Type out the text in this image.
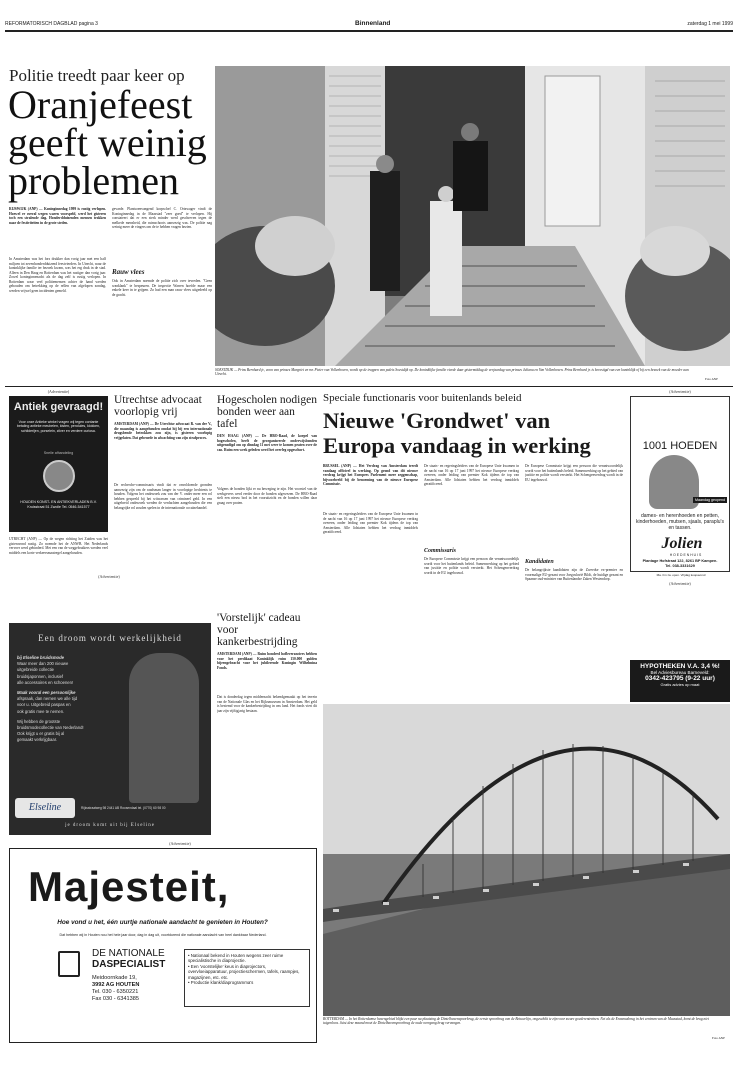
REFORMATORISCH DAGBLAD pagina 3	Binnenland	zaterdag 1 mei 1999
Politie treedt paar keer op
Oranjefeest geeft weinig problemen
RIJSWIJK (ANP) — Koninginnedag 1999 is rustig verlopen. Hoewel er overal wegen waren voorspeld, werd het gisteren toch een stralende dag. Honderdduizenden mensen trokken naar de festiviteiten in de grote steden.
In Amsterdam was het fors drukker dan vorig jaar met een half miljoen tot zevenhonderdduizend feestvierders. In Utrecht, waar de koninklijke familie ter bezoek kwam, was het erg druk in de stad. Alleen in Den Haag en Rotterdam was het rustiger dan vorig jaar. Zowel koninginnenacht als de dag zelf is rustig verlopen. In Rotterdam waar veel politiemensen achter de hand werden gehouden om betrekking op de rellen van afgelopen zondag, werden vrijwel geen incidenten gemeld.
gevarde. Plantsoenvangend korpschef C. Ortzwager vindt de Koninginnedag in de Maasstad "zeer goed" te verlopen. Hij constateert dat er een sterk minder werd geschreven tegen de melkede mensheid, die ruimschoots aanwezig was. De politie nag weinig meer de vingers om de te hebben vragen bezien.
Rauw vlees
Ook in Amsterdam noemde de politie zich over tevreden. "Geen wanklank" te bespeuren. De inspectie Warren hoefde maar een enkele keer in te grijpen. Zo had een man rauw vlees uitgedeeld op de gracht.
SOESTDIJK — Prins Bernhard jr., zoon van prinses Margriet en mr. Pieter van Vollenhoven, wordt op de trappen van paleis Soestdijk op. De koninklijke familie vierde daar gistermiddag de verjaardag van prinses Juliana en Van Vollenhoven. Prins Bernhard jr. is bevestigd van een koninklijk of bij een bezoek van de moeder aan Utrecht.
Foto ANP
(Advertentie)
Antiek gevraagd!
Voor onze Antieke winkel vragen wij tegen contante betaling antieke meubelen, kisten, pendules, klokken, schilderijen, porselein, zilver en verdere curiosa.
Snelle afhandeling
HOUDEN KONST- EN ANTIEKVERLADEN B.V. Kruisstraat 51 Zwolle Tel. 0546-541577
UTRECHT (ANP) — Op de wegen richting het Zuiden was het gisteravond rustig. Zo noemde het de ANWB. Het Nederlands vervoer werd gehinderd. Met een van de weggebruikers werden veel middels een korte verkeersmaatregel aangehouden.
(Advertentie)
Een droom wordt werkelijkheid
bij Elseline bruidsmode
Waar meer dan 200 nieuwe
uitgebreide collectie
bruidsjaponnen, inclusief
alle accessoires en schoenen!
Maak vooral een persoonlijke
afspraak, dan nemen we alle tijd
voor u. Uitgebreid paspas en
ook gratis mee te nemen.
Wij hebben de grootste
bruidsmodecollectie van Nederland!
Ook krijgt u er gratis bij al
gemaakt verkrijgbaar.
Elseline	Rijksstraatweg 98 2441 AB Roosendaal tel. (0770) 60 98 00
je droom komt uit bij Elseline
Utrechtse advocaat voorlopig vrij
AMSTERDAM (ANP) — De Utrechtse advocaat R. van der V., die maandag is aangehouden omdat hij bij een internationale drugsbende betrokken zou zijn, is gisteren voorlopig vrijgelaten. Dat gebeurde in afwachting van zijn strafproces.
De recherche-commissaris vindt dat er onvoldoende gronden aanwezig zijn om de raadsman langer in voorlopige hechtenis te houden. Volgens het onderzoek zou van der V. onder meer een rol hebben gespeeld bij het witwassen van crimineel geld. In een uitgebreid onderzoek werden de verdachten aangehouden die een belangrijke rol zouden spelen in de internationale cocaïnehandel.
Hogescholen nodigen bonden weer aan tafel
DEN HAAG (ANP) — De HBO-Raad, de koepel van hogescholen, heeft de georganiseerde onderwijsbonden uitgenodigd om op dinsdag 11 mei weer te komen praten over de cao. Ruim een week geleden werd het overleg opgeschort.
Volgens de bonden lijkt er nu beweging te zijn. Het voorstel van de werkgevers werd eerder door de bonden afgewezen. De HBO-Raad stelt een nieuw bod in het vooruitzicht en de bonden willen daar graag over praten.
'Vorstelijk' cadeau voor kankerbestrijding
AMSTERDAM (ANP) — Ruim honderd hofleveranciers hebben voor het predikaat Koninklijk ruim 150.000 gulden bijeengebracht voor het jubilerende Koningin Wilhelmina Fonds.
Dat is donderdag tegen middernacht bekendgemaakt op het terrein van de Nationale Glas en het Rijksmuseum in Amsterdam. Het geld is bestemd voor de kankerbestrijding in ons land. Het fonds viert dit jaar zijn vijftigjarig bestaan.
(Advertentie)
Speciale functionaris voor buitenlands beleid
Nieuwe 'Grondwet' van Europa vandaag in werking
BRUSSEL (ANP) — Het Verdrag van Amsterdam treedt vandaag officieel in werking. Op grond van dit nieuwe verdrag krijgt het Europees Parlement meer zeggenschap, bijvoorbeeld bij de benoeming van de nieuwe Europese Commissie.
De staats- en regeringsleiders van de Europese Unie kwamen in de nacht van 16 op 17 juni 1997 het nieuwe Europese verdrag overeen, onder leiding van premier Kok tijdens de top van Amsterdam. Alle lidstaten hebben het verdrag inmiddels geratificeerd.
De staats- en regeringsleiders van de Europese Unie kwamen in de nacht van 16 op 17 juni 1997 het nieuwe Europese verdrag overeen, onder leiding van premier Kok tijdens de top van Amsterdam. Alle lidstaten hebben het verdrag inmiddels geratificeerd.
Commissaris
De Europese Commissie krijgt een persoon die verantwoordelijk wordt voor het buitenlands beleid. Samenwerking op het gebied van justitie en politie wordt versterkt. Het Schengenverdrag wordt in de EU ingebouwd.
De Europese Commissie krijgt een persoon die verantwoordelijk wordt voor het buitenlands beleid. Samenwerking op het gebied van justitie en politie wordt versterkt. Het Schengenverdrag wordt in de EU ingebouwd.
Kandidaten
De belangrijkste kandidaten zijn de Zweedse ex-premier en voormalige EU-gezant voor Joegoslavië Bildt, de huidige gezant en Spaanse oud-minister van Buitenlandse Zaken Westendorp.
(Advertentie)
1001 HOEDEN
Maandag geopend
dames- en herenhoeden en petten, kinderhoeden, mutsen, sjaals, paraplu's en tassen.
Jolien
HOEDENHUIS
Plantage Hofstraat 122, 8261 BP Kampen.
Tel. 038-3331629
Ma. t/m za. open. Vrijdag koopavond
(Advertentie)
HYPOTHEKEN V.A. 3,4 %!
Bel Adviesbureau Barneveld:
0342-423795 (9-22 uur)
Gratis advies op maat
ROTTERDAM — In het Rotterdamse havengebied blijkt een paar na plaatsing de Dintelhavenspoorbrug, de eerste spoorbrug van de Betuwelijn, ongeschikt te zijn voor zware goederentreinen. Net als de Erasmusbrug in het centrum van de Maasstad, komt de brug niet tuigenloos. Juist deze maand moet de Dintelhavenspoorbrug de oude overgang brug vervangen.
Foto ANP
Majesteit,
Hoe vond u het, één uurtje nationale aandacht te genieten in Houten?
Dat hebben wij in Houten nou het hele jaar door, dag in dag uit, voortdurend die nationale aandacht van heel dankbaar Nederland.
DE NATIONALE
DASPECIALIST
Meidoornkade 19,
3992 AG HOUTEN
Tel. 030 - 6350221
Fax 030 - 6341385
• Nationaal bekend in Houten wegens zeer ruime specialistische in diaprojectie.
• Een 'voorstelijke' keus in diaprojectors, overvloeiapparatuur, projectieschermen, tafels, raampjes, magazijnen, etc. etc.
• Productie klank/diaprogramma's
